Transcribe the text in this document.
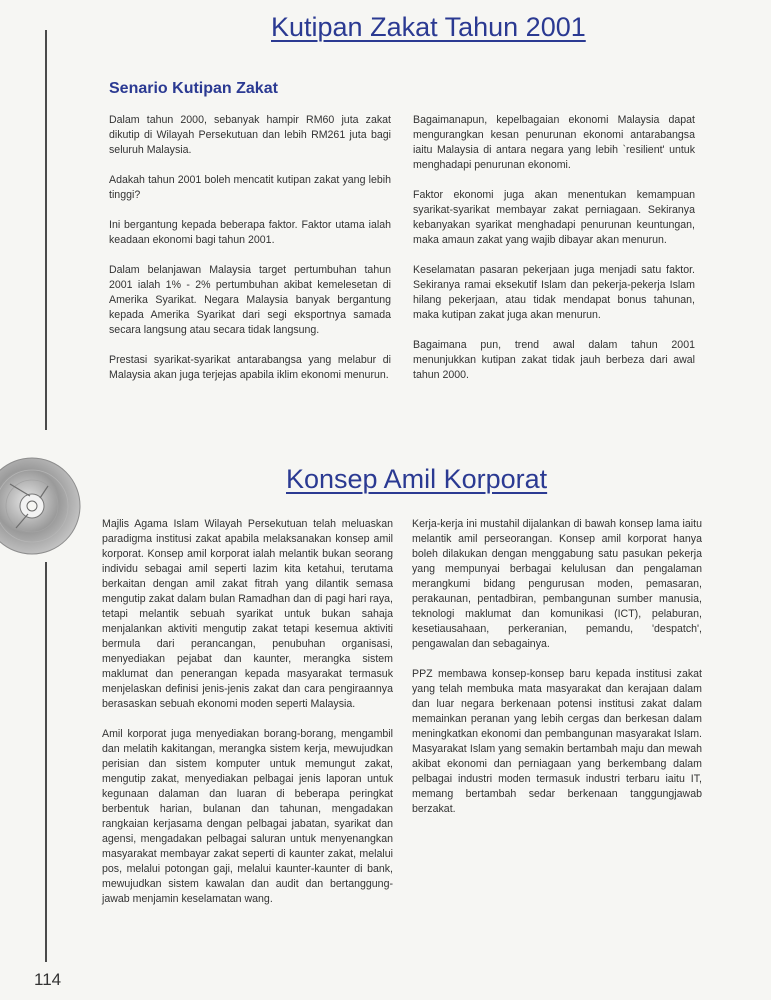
Kutipan Zakat Tahun 2001
Senario Kutipan Zakat

Dalam tahun 2000, sebanyak hampir RM60 juta zakat dikutip di Wilayah Persekutuan dan lebih RM261 juta bagi seluruh Malaysia.

Adakah tahun 2001 boleh mencatit kutipan zakat yang lebih tinggi?

Ini bergantung kepada beberapa faktor. Faktor utama ialah keadaan ekonomi bagi tahun 2001.

Dalam belanjawan Malaysia target pertumbuhan tahun 2001 ialah 1% - 2% pertumbuhan akibat kemelesetan di Amerika Syarikat. Negara Malaysia banyak bergantung kepada Amerika Syarikat dari segi eksportnya samada secara langsung atau secara tidak langsung.

Prestasi syarikat-syarikat antarabangsa yang melabur di Malaysia akan juga terjejas apabila iklim ekonomi menurun.

Bagaimanapun, kepelbagaian ekonomi Malaysia dapat mengurangkan kesan penurunan ekonomi antarabangsa iaitu Malaysia di antara negara yang lebih `resilient' untuk menghadapi penurunan ekonomi.

Faktor ekonomi juga akan menentukan kemampuan syarikat-syarikat membayar zakat perniagaan. Sekiranya kebanyakan syarikat menghadapi penurunan keuntungan, maka amaun zakat yang wajib dibayar akan menurun.

Keselamatan pasaran pekerjaan juga menjadi satu faktor. Sekiranya ramai eksekutif Islam dan pekerja-pekerja Islam hilang pekerjaan, atau tidak mendapat bonus tahunan, maka kutipan zakat juga akan menurun.

Bagaimana pun, trend awal dalam tahun 2001 menunjukkan kutipan zakat tidak jauh berbeza dari awal tahun 2000.

Konsep Amil Korporat

Majlis Agama Islam Wilayah Persekutuan telah meluaskan paradigma institusi zakat apabila melaksanakan konsep amil korporat. Konsep amil korporat ialah melantik bukan seorang individu sebagai amil seperti lazim kita ketahui, terutama berkaitan dengan amil zakat fitrah yang dilantik semasa mengutip zakat dalam bulan Ramadhan dan di pagi hari raya, tetapi melantik sebuah syarikat untuk bukan sahaja menjalankan aktiviti mengutip zakat tetapi kesemua aktiviti bermula dari perancangan, penubuhan organisasi, menyediakan pejabat dan kaunter, merangka sistem maklumat dan penerangan kepada masyarakat termasuk menjelaskan definisi jenis-jenis zakat dan cara pengiraannya berasaskan sebuah ekonomi moden seperti Malaysia.

Amil korporat juga menyediakan borang-borang, mengambil dan melatih kakitangan, merangka sistem kerja, mewujudkan perisian dan sistem komputer untuk memungut zakat, mengutip zakat, menyediakan pelbagai jenis laporan untuk kegunaan dalaman dan luaran di beberapa peringkat berbentuk harian, bulanan dan tahunan, mengadakan rangkaian kerjasama dengan pelbagai jabatan, syarikat dan agensi, mengadakan pelbagai saluran untuk menyenangkan masyarakat membayar zakat seperti di kaunter zakat, melalui pos, melalui potongan gaji, melalui kaunter-kaunter di bank, mewujudkan sistem kawalan dan audit dan bertanggung-jawab menjamin keselamatan wang.

Kerja-kerja ini mustahil dijalankan di bawah konsep lama iaitu melantik amil perseorangan. Konsep amil korporat hanya boleh dilakukan dengan menggabung satu pasukan pekerja yang mempunyai berbagai kelulusan dan pengalaman merangkumi bidang pengurusan moden, pemasaran, perakaunan, pentadbiran, pembangunan sumber manusia, teknologi maklumat dan komunikasi (ICT), pelaburan, kesetiausahaan, perkeranian, pemandu, 'despatch', pengawalan dan sebagainya.

PPZ membawa konsep-konsep baru kepada institusi zakat yang telah membuka mata masyarakat dan kerajaan dalam dan luar negara berkenaan potensi institusi zakat dalam memainkan peranan yang lebih cergas dan berkesan dalam meningkatkan ekonomi dan pembangunan masyarakat Islam. Masyarakat Islam yang semakin bertambah maju dan mewah akibat ekonomi dan perniagaan yang berkembang dalam pelbagai industri moden termasuk industri terbaru iaitu IT, memang bertambah sedar berkenaan tanggungjawab berzakat.

114
